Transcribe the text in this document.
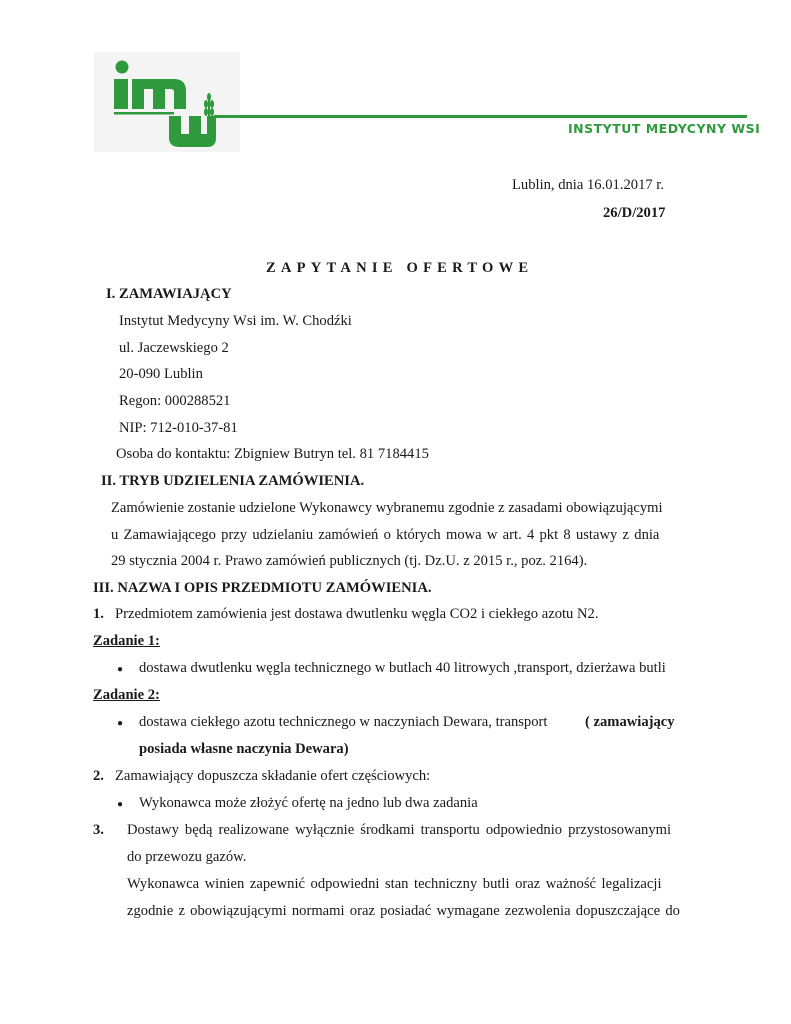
INSTYTUT MEDYCYNY WSI
Lublin, dnia 16.01.2017 r.
26/D/2017
ZAPYTANIE OFERTOWE
I. ZAMAWIAJĄCY
Instytut Medycyny Wsi im. W. Chodźki
ul. Jaczewskiego 2
20-090 Lublin
Regon: 000288521
NIP: 712-010-37-81
Osoba do kontaktu: Zbigniew Butryn tel. 81 7184415
II. TRYB UDZIELENIA ZAMÓWIENIA.
Zamówienie zostanie udzielone Wykonawcy wybranemu zgodnie z zasadami obowiązującymi
u Zamawiającego przy udzielaniu zamówień o których mowa w art. 4 pkt 8 ustawy z dnia
29 stycznia 2004 r. Prawo zamówień publicznych (tj. Dz.U. z 2015 r., poz. 2164).
III. NAZWA I OPIS PRZEDMIOTU ZAMÓWIENIA.
1. Przedmiotem zamówienia jest dostawa dwutlenku węgla CO2 i ciekłego azotu N2.
Zadanie 1:
● dostawa dwutlenku węgla technicznego w butlach 40 litrowych ,transport, dzierżawa butli
Zadanie 2:
● dostawa ciekłego azotu technicznego w naczyniach Dewara, transport	( zamawiający
posiada własne naczynia Dewara)
2. Zamawiający dopuszcza składanie ofert częściowych:
● Wykonawca może złożyć ofertę na jedno lub dwa zadania
3. Dostawy będą realizowane wyłącznie środkami transportu odpowiednio przystosowanymi
do przewozu gazów.
Wykonawca winien zapewnić odpowiedni stan techniczny butli oraz ważność legalizacji
zgodnie z obowiązującymi normami oraz posiadać wymagane zezwolenia dopuszczające do
